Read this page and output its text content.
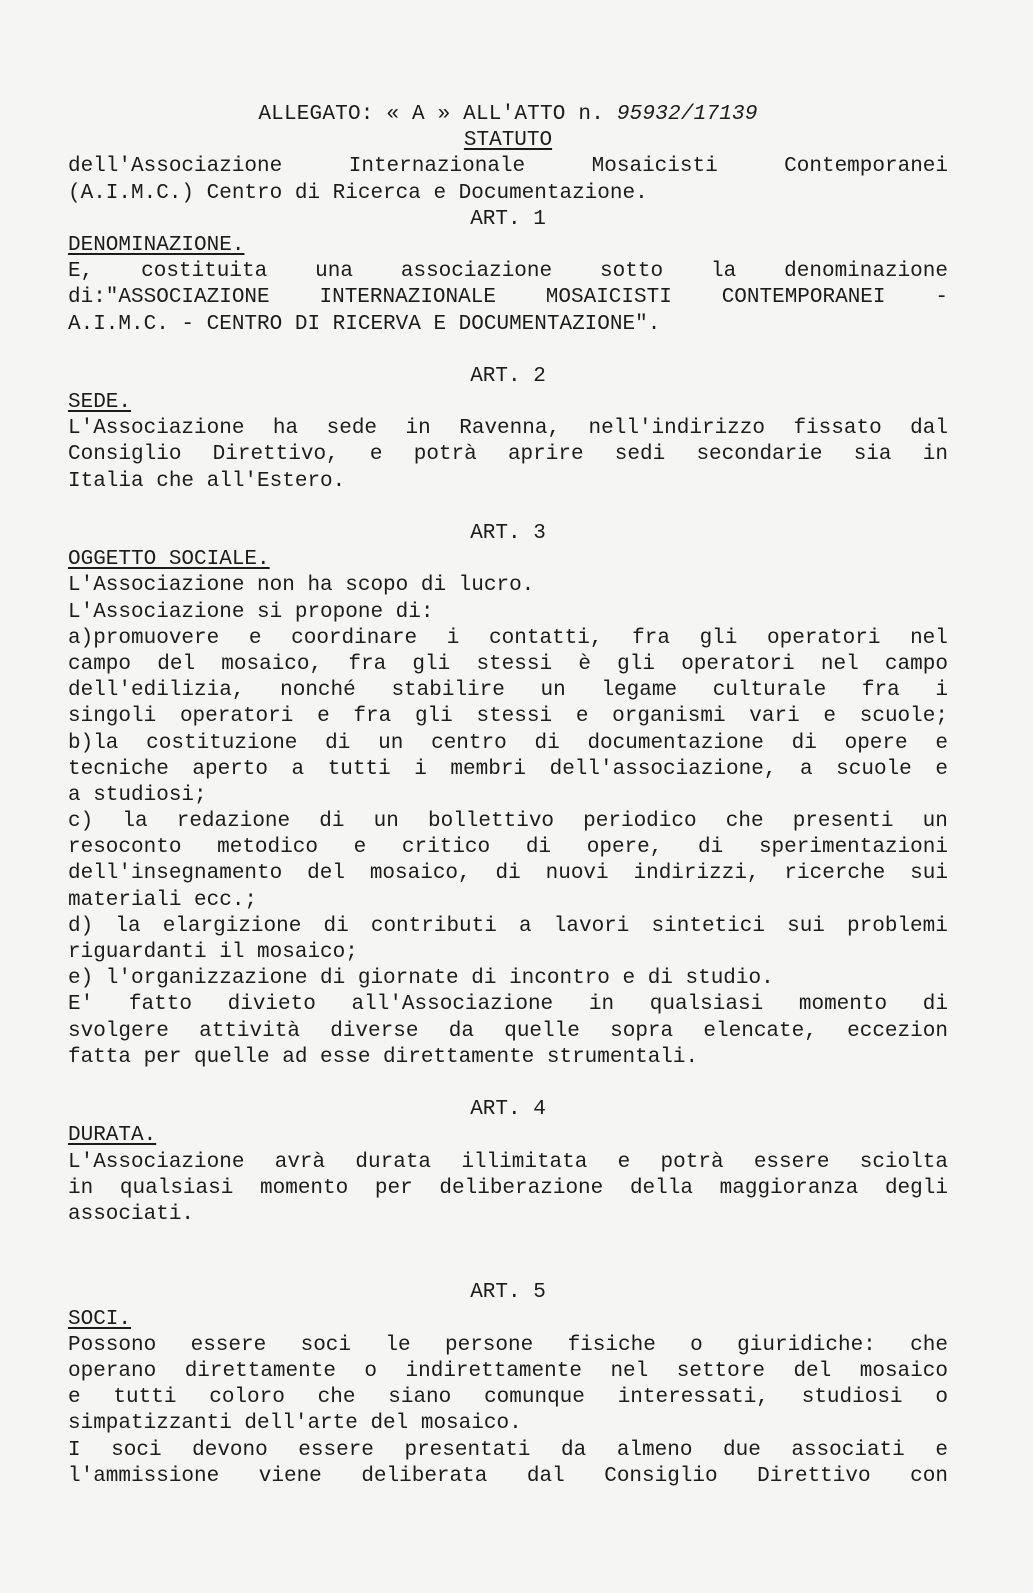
ALLEGATO: « A » ALL'ATTO n. 95932/17139
STATUTO
dell'Associazione	Internazionale	Mosaicisti	Contemporanei
(A.I.M.C.) Centro di Ricerca e Documentazione.
ART. 1
DENOMINAZIONE.
E, costituita una associazione sotto la denominazione
di:"ASSOCIAZIONE INTERNAZIONALE MOSAICISTI CONTEMPORANEI -
A.I.M.C. - CENTRO DI RICERVA E DOCUMENTAZIONE".
ART. 2
SEDE.
L'Associazione ha sede in Ravenna, nell'indirizzo fissato dal
Consiglio Direttivo, e potrà aprire sedi secondarie sia in
Italia che all'Estero.
ART. 3
OGGETTO SOCIALE.
L'Associazione non ha scopo di lucro.
L'Associazione si propone di:
a)promuovere e coordinare i contatti, fra gli operatori nel
campo del mosaico, fra gli stessi è gli operatori nel campo
dell'edilizia, nonché stabilire un legame culturale fra i
singoli operatori e fra gli stessi e organismi vari e scuole;
b)la costituzione di un centro di documentazione di opere e
tecniche aperto a tutti i membri dell'associazione, a scuole e
a studiosi;
c) la redazione di un bollettivo periodico che presenti un
resoconto metodico e critico di opere, di sperimentazioni
dell'insegnamento del mosaico, di nuovi indirizzi, ricerche sui
materiali ecc.;
d) la elargizione di contributi a lavori sintetici sui problemi
riguardanti il mosaico;
e) l'organizzazione di giornate di incontro e di studio.
E' fatto divieto all'Associazione in qualsiasi momento di
svolgere attività diverse da quelle sopra elencate, eccezion
fatta per quelle ad esse direttamente strumentali.
ART. 4
DURATA.
L'Associazione avrà durata illimitata e potrà essere sciolta
in qualsiasi momento per deliberazione della maggioranza degli
associati.
ART. 5
SOCI.
Possono essere soci le persone fisiche o giuridiche: che
operano direttamente o indirettamente nel settore del mosaico
e tutti coloro che siano comunque interessati, studiosi o
simpatizzanti dell'arte del mosaico.
I soci devono essere presentati da almeno due associati e
l'ammissione viene deliberata dal Consiglio Direttivo con
